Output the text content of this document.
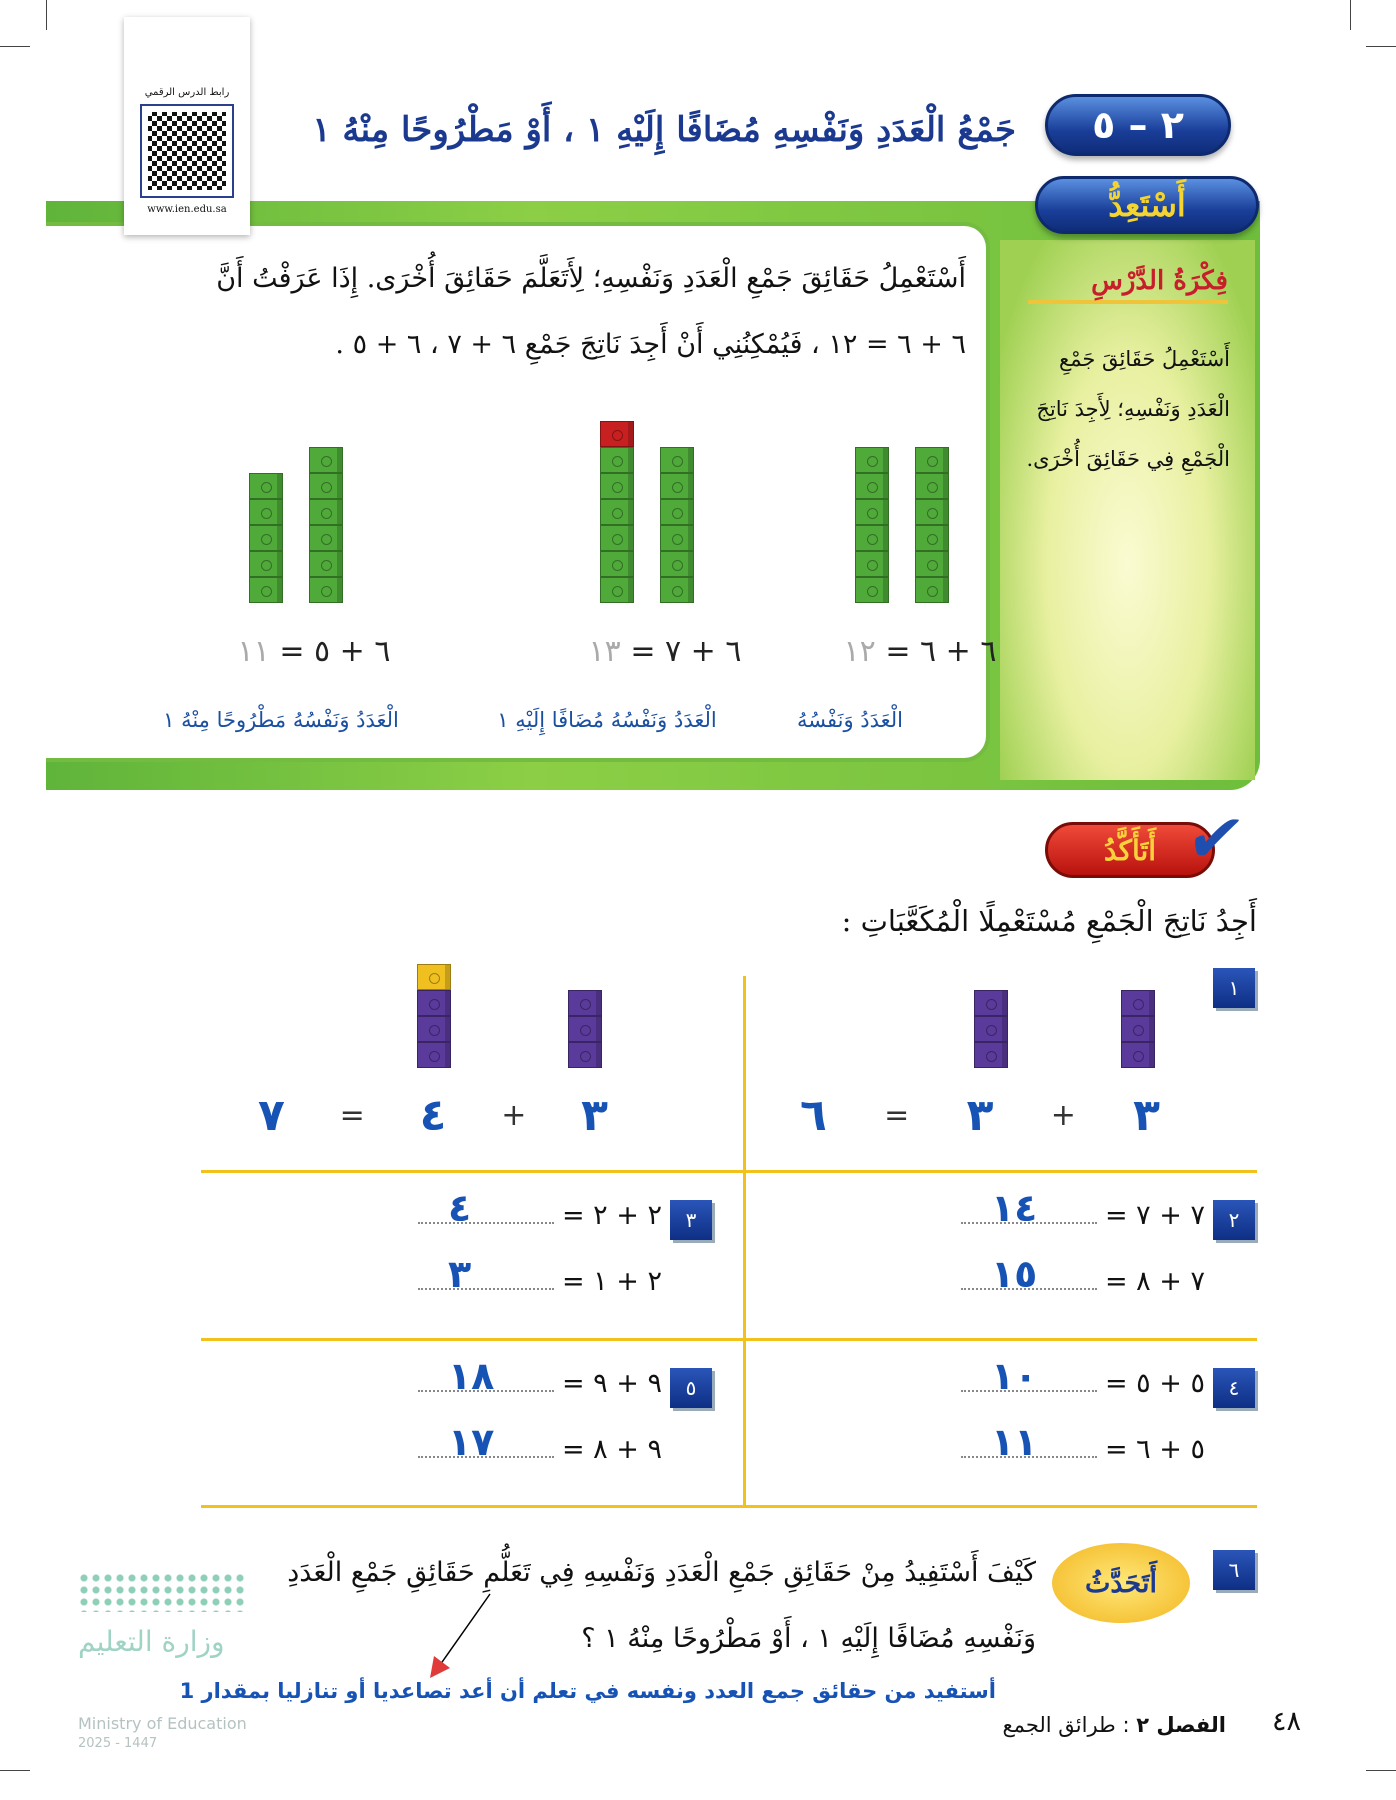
رابط الدرس الرقمي
www.ien.edu.sa
٢ – ٥
جَمْعُ الْعَدَدِ وَنَفْسِهِ مُضَافًا إِلَيْهِ ١ ، أَوْ مَطْرُوحًا مِنْهُ ١
أَسْتَعِدُّ
أَسْتَعْمِلُ حَقَائِقَ جَمْعِ الْعَدَدِ وَنَفْسِهِ؛ لِأَتَعَلَّمَ حَقَائِقَ أُخْرَى. إِذَا عَرَفْتُ أَنَّ
٦ + ٦ = ١٢ ، فَيُمْكِنُنِي أَنْ أَجِدَ نَاتِجَ جَمْعِ ٦ + ٧ ، ٦ + ٥ .
فِكْرَةُ الدَّرْسِ
أَسْتَعْمِلُ حَقَائِقَ جَمْعِ الْعَدَدِ وَنَفْسِهِ؛ لِأَجِدَ نَاتِجَ الْجَمْعِ فِي حَقَائِقَ أُخْرَى.
٦ + ٦ = ١٢
الْعَدَدُ وَنَفْسُهُ
٦ + ٧ = ١٣
الْعَدَدُ وَنَفْسُهُ مُضَافًا إِلَيْهِ ١
٦ + ٥ = ١١
الْعَدَدُ وَنَفْسُهُ مَطْرُوحًا مِنْهُ ١
أَتَأَكَّدُ ✔
أَجِدُ نَاتِجَ الْجَمْعِ مُسْتَعْمِلًا الْمُكَعَّبَاتِ :
١
٦ = ٣ + ٣
٧ = ٤ + ٣
٢
٧ + ٧ =
١٤
٧ + ٨ =
١٥
٣
٢ + ٢ =
٤
٢ + ١ =
٣
٤
٥ + ٥ =
١٠
٥ + ٦ =
١١
٥
٩ + ٩ =
١٨
٩ + ٨ =
١٧
٦
أَتَحَدَّثُ
كَيْفَ أَسْتَفِيدُ مِنْ حَقَائِقِ جَمْعِ الْعَدَدِ وَنَفْسِهِ فِي تَعَلُّمِ حَقَائِقِ جَمْعِ الْعَدَدِ
وَنَفْسِهِ مُضَافًا إِلَيْهِ ١ ، أَوْ مَطْرُوحًا مِنْهُ ١ ؟
أستفيد من حقائق جمع العدد ونفسه في تعلم أن أعد تصاعديا أو تنازليا بمقدار 1
وزارة التعليم
Ministry of Education
2025 - 1447
الفصل ٢ : طرائق الجمع	٤٨
